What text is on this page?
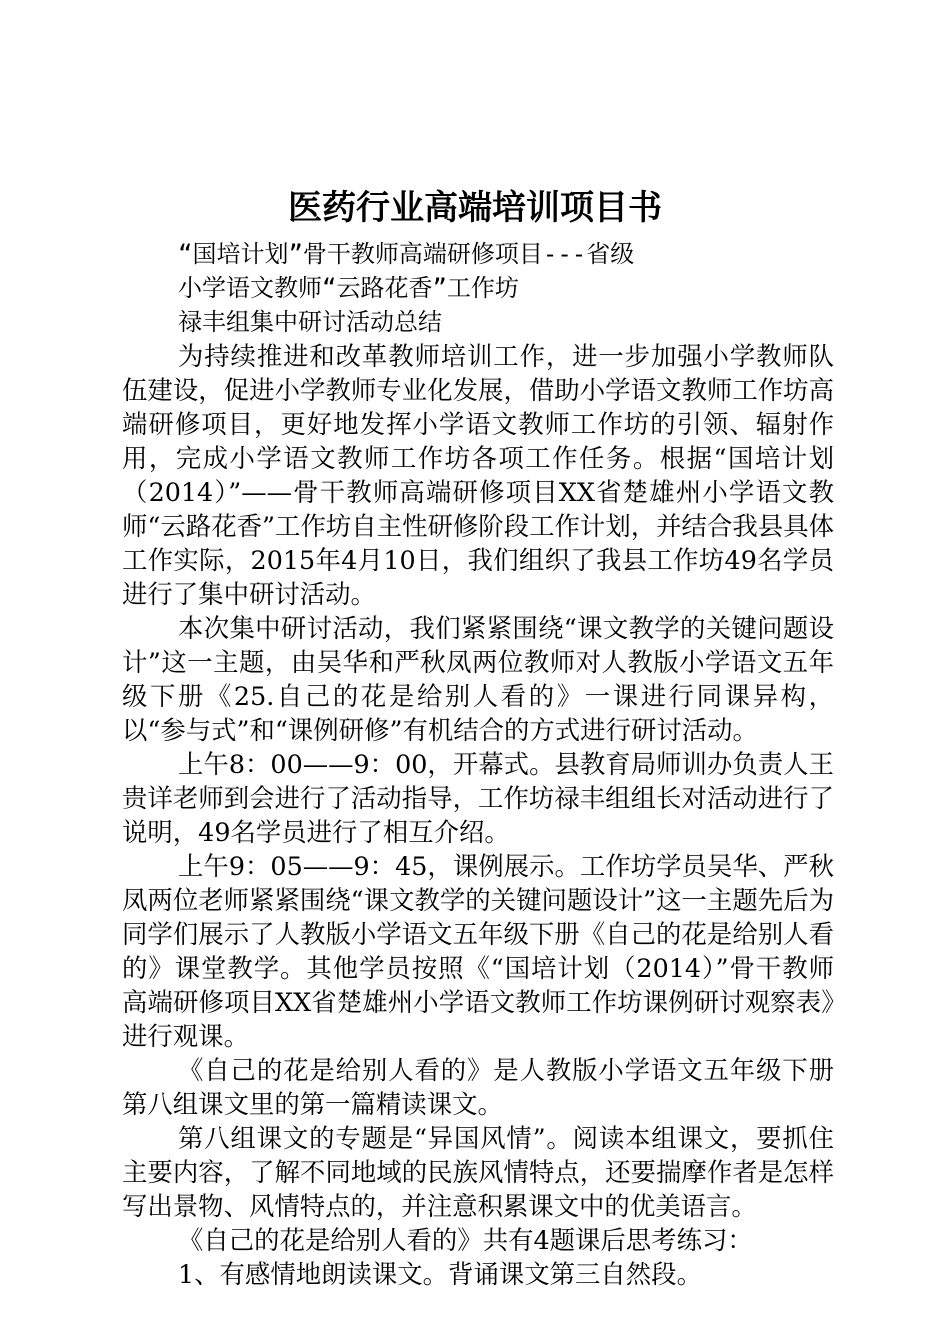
医药行业高端培训项目书

“国培计划”骨干教师高端研修项目---省级

小学语文教师“云路花香”工作坊

禄丰组集中研讨活动总结

为持续推进和改革教师培训工作，进一步加强小学教师队伍建设，促进小学教师专业化发展，借助小学语文教师工作坊高端研修项目，更好地发挥小学语文教师工作坊的引领、辐射作用，完成小学语文教师工作坊各项工作任务。根据“国培计划（2014）”——骨干教师高端研修项目XX省楚雄州小学语文教师“云路花香”工作坊自主性研修阶段工作计划，并结合我县具体工作实际，2015年4月10日，我们组织了我县工作坊49名学员进行了集中研讨活动。

本次集中研讨活动，我们紧紧围绕“课文教学的关键问题设计”这一主题，由吴华和严秋凤两位教师对人教版小学语文五年级下册《25.自己的花是给别人看的》一课进行同课异构，以“参与式”和“课例研修”有机结合的方式进行研讨活动。

上午8：00——9：00，开幕式。县教育局师训办负责人王贵详老师到会进行了活动指导，工作坊禄丰组组长对活动进行了说明，49名学员进行了相互介绍。

上午9：05——9：45，课例展示。工作坊学员吴华、严秋凤两位老师紧紧围绕“课文教学的关键问题设计”这一主题先后为同学们展示了人教版小学语文五年级下册《自己的花是给别人看的》课堂教学。其他学员按照《“国培计划（2014）”骨干教师高端研修项目XX省楚雄州小学语文教师工作坊课例研讨观察表》进行观课。

《自己的花是给别人看的》是人教版小学语文五年级下册第八组课文里的第一篇精读课文。

第八组课文的专题是“异国风情”。阅读本组课文，要抓住主要内容，了解不同地域的民族风情特点，还要揣摩作者是怎样写出景物、风情特点的，并注意积累课文中的优美语言。

《自己的花是给别人看的》共有4题课后思考练习：

1、有感情地朗读课文。背诵课文第三自然段。
